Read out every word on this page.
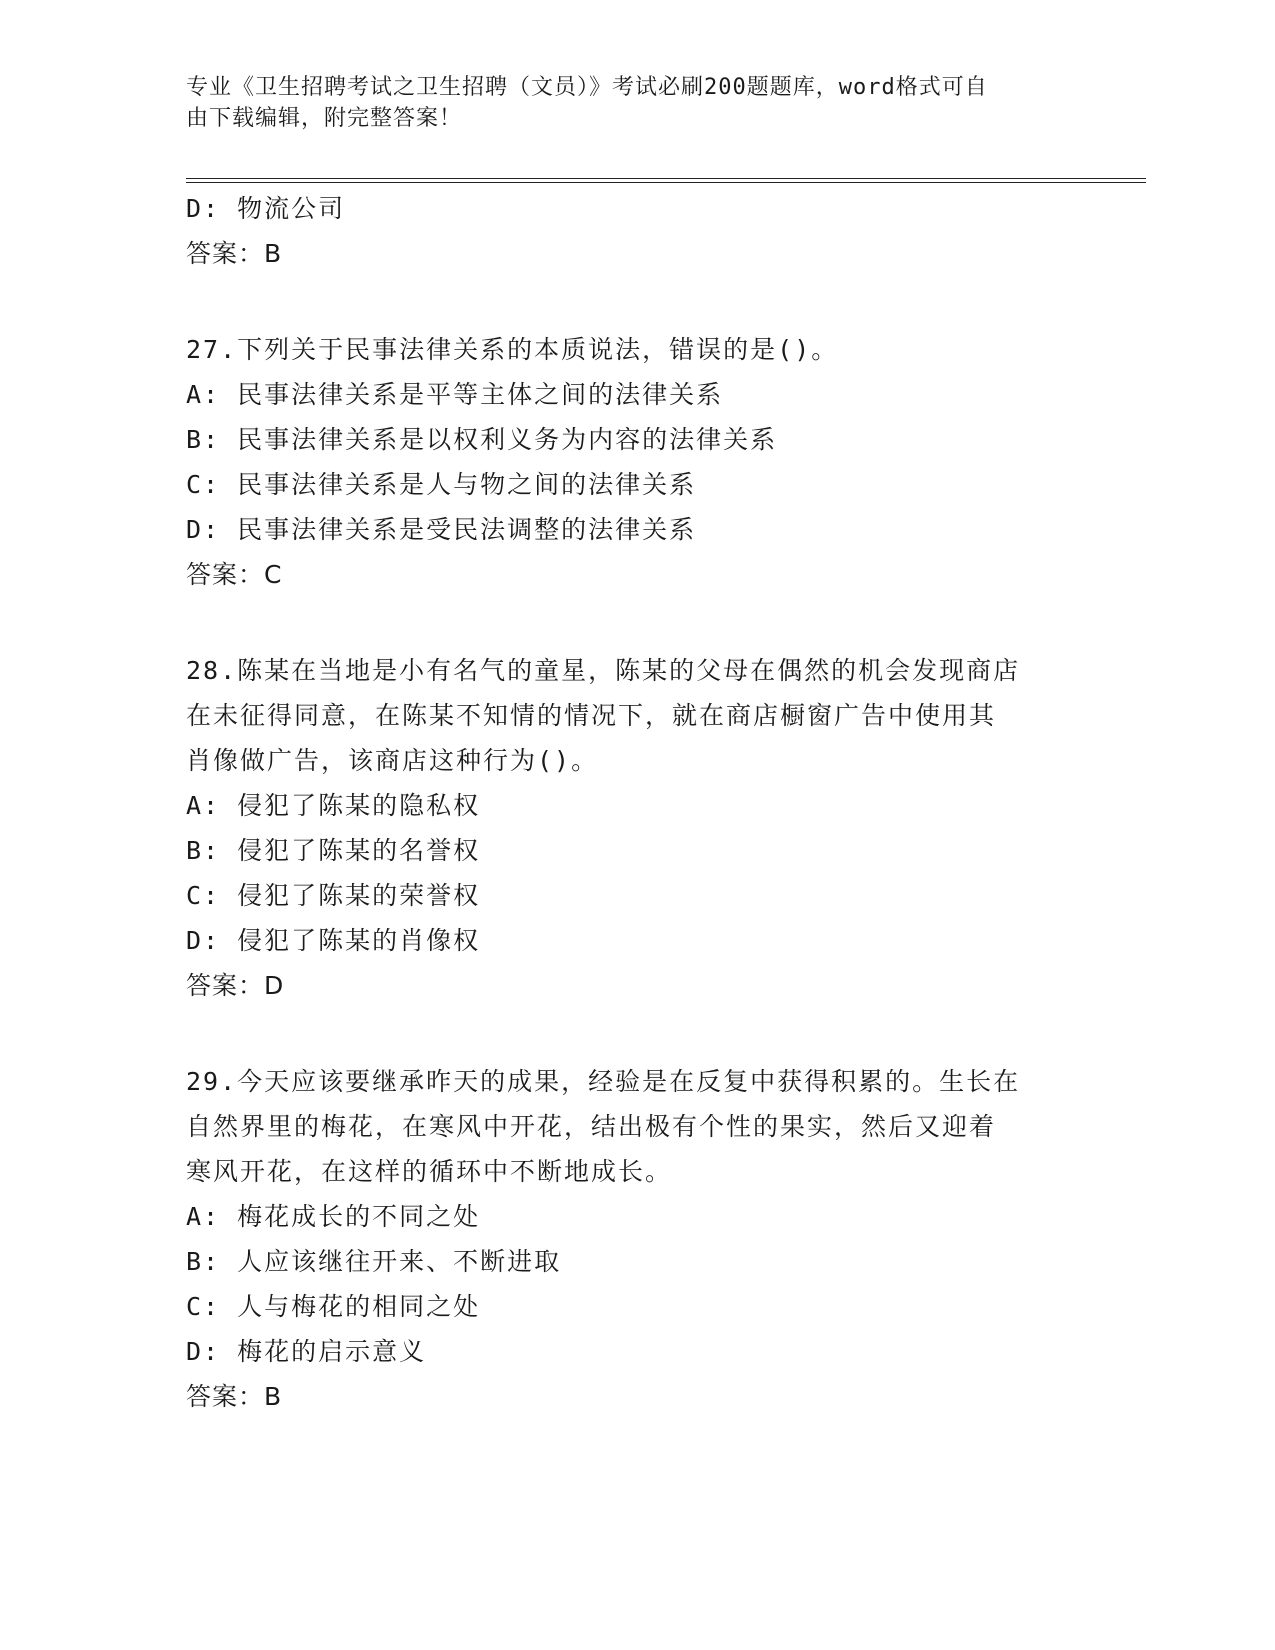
专业《卫生招聘考试之卫生招聘（文员）》考试必刷200题题库，word格式可自
由下载编辑，附完整答案！
D: 物流公司
答案：B
27.下列关于民事法律关系的本质说法，错误的是()。
A: 民事法律关系是平等主体之间的法律关系
B: 民事法律关系是以权利义务为内容的法律关系
C: 民事法律关系是人与物之间的法律关系
D: 民事法律关系是受民法调整的法律关系
答案：C
28.陈某在当地是小有名气的童星，陈某的父母在偶然的机会发现商店
在未征得同意，在陈某不知情的情况下，就在商店橱窗广告中使用其
肖像做广告，该商店这种行为()。
A: 侵犯了陈某的隐私权
B: 侵犯了陈某的名誉权
C: 侵犯了陈某的荣誉权
D: 侵犯了陈某的肖像权
答案：D
29.今天应该要继承昨天的成果，经验是在反复中获得积累的。生长在
自然界里的梅花，在寒风中开花，结出极有个性的果实，然后又迎着
寒风开花，在这样的循环中不断地成长。
A: 梅花成长的不同之处
B: 人应该继往开来、不断进取
C: 人与梅花的相同之处
D: 梅花的启示意义
答案：B
